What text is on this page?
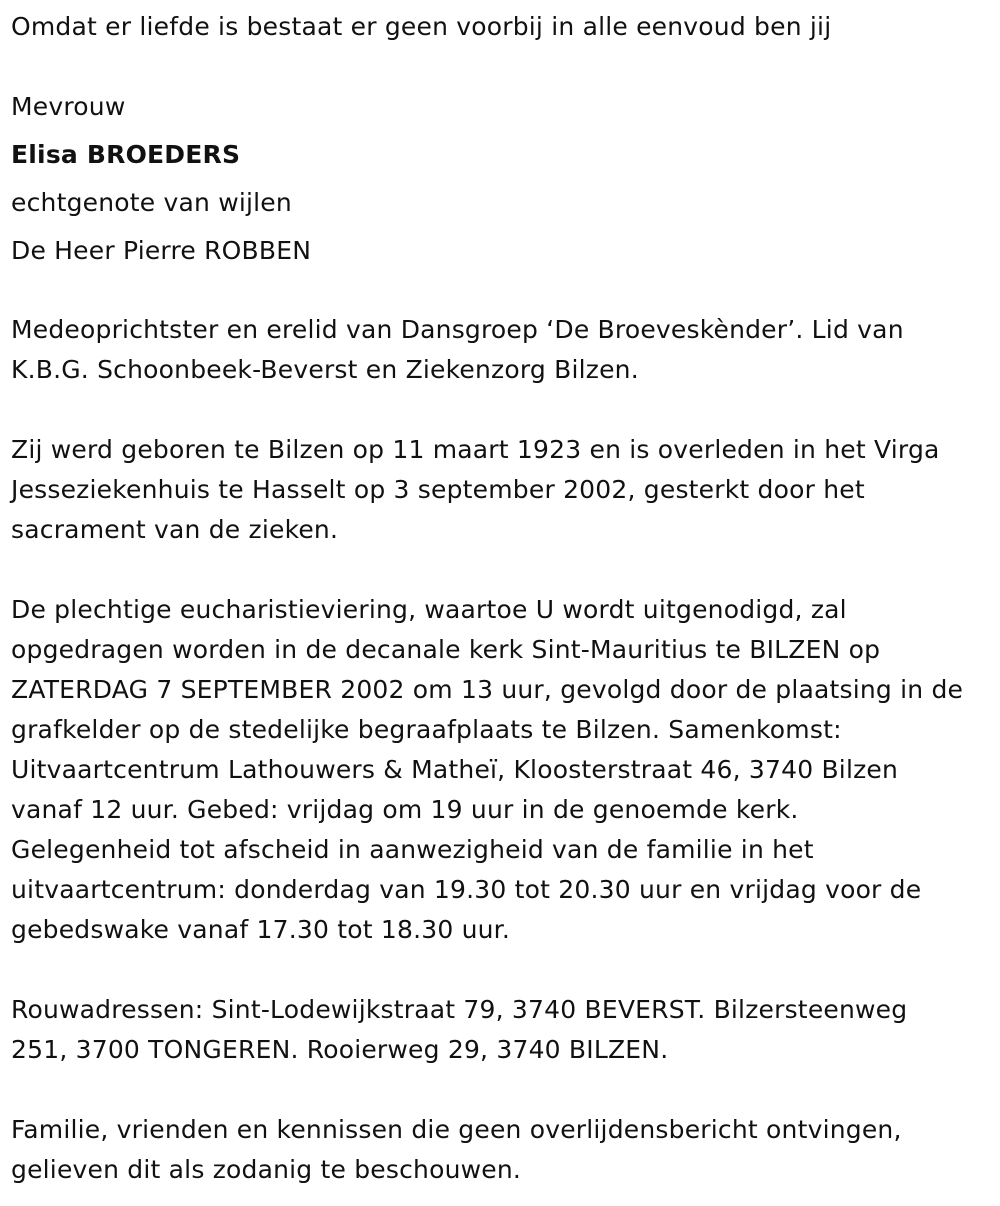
Omdat er liefde is bestaat er geen voorbij in alle eenvoud ben jij

Mevrouw

Elisa BROEDERS

echtgenote van wijlen

De Heer Pierre ROBBEN

Medeoprichtster en erelid van Dansgroep ‘De Broeveskènder’. Lid van
K.B.G. Schoonbeek-Beverst en Ziekenzorg Bilzen.
Zij werd geboren te Bilzen op 11 maart 1923 en is overleden in het Virga
Jesseziekenhuis te Hasselt op 3 september 2002, gesterkt door het
sacrament van de zieken.
De plechtige eucharistieviering, waartoe U wordt uitgenodigd, zal
opgedragen worden in de decanale kerk Sint-Mauritius te BILZEN op
ZATERDAG 7 SEPTEMBER 2002 om 13 uur, gevolgd door de plaatsing in de
grafkelder op de stedelijke begraafplaats te Bilzen. Samenkomst:
Uitvaartcentrum Lathouwers & Matheï, Kloosterstraat 46, 3740 Bilzen
vanaf 12 uur. Gebed: vrijdag om 19 uur in de genoemde kerk.
Gelegenheid tot afscheid in aanwezigheid van de familie in het
uitvaartcentrum: donderdag van 19.30 tot 20.30 uur en vrijdag voor de
gebedswake vanaf 17.30 tot 18.30 uur.
Rouwadressen: Sint-Lodewijkstraat 79, 3740 BEVERST. Bilzersteenweg
251, 3700 TONGEREN. Rooierweg 29, 3740 BILZEN.
Familie, vrienden en kennissen die geen overlijdensbericht ontvingen,
gelieven dit als zodanig te beschouwen.
